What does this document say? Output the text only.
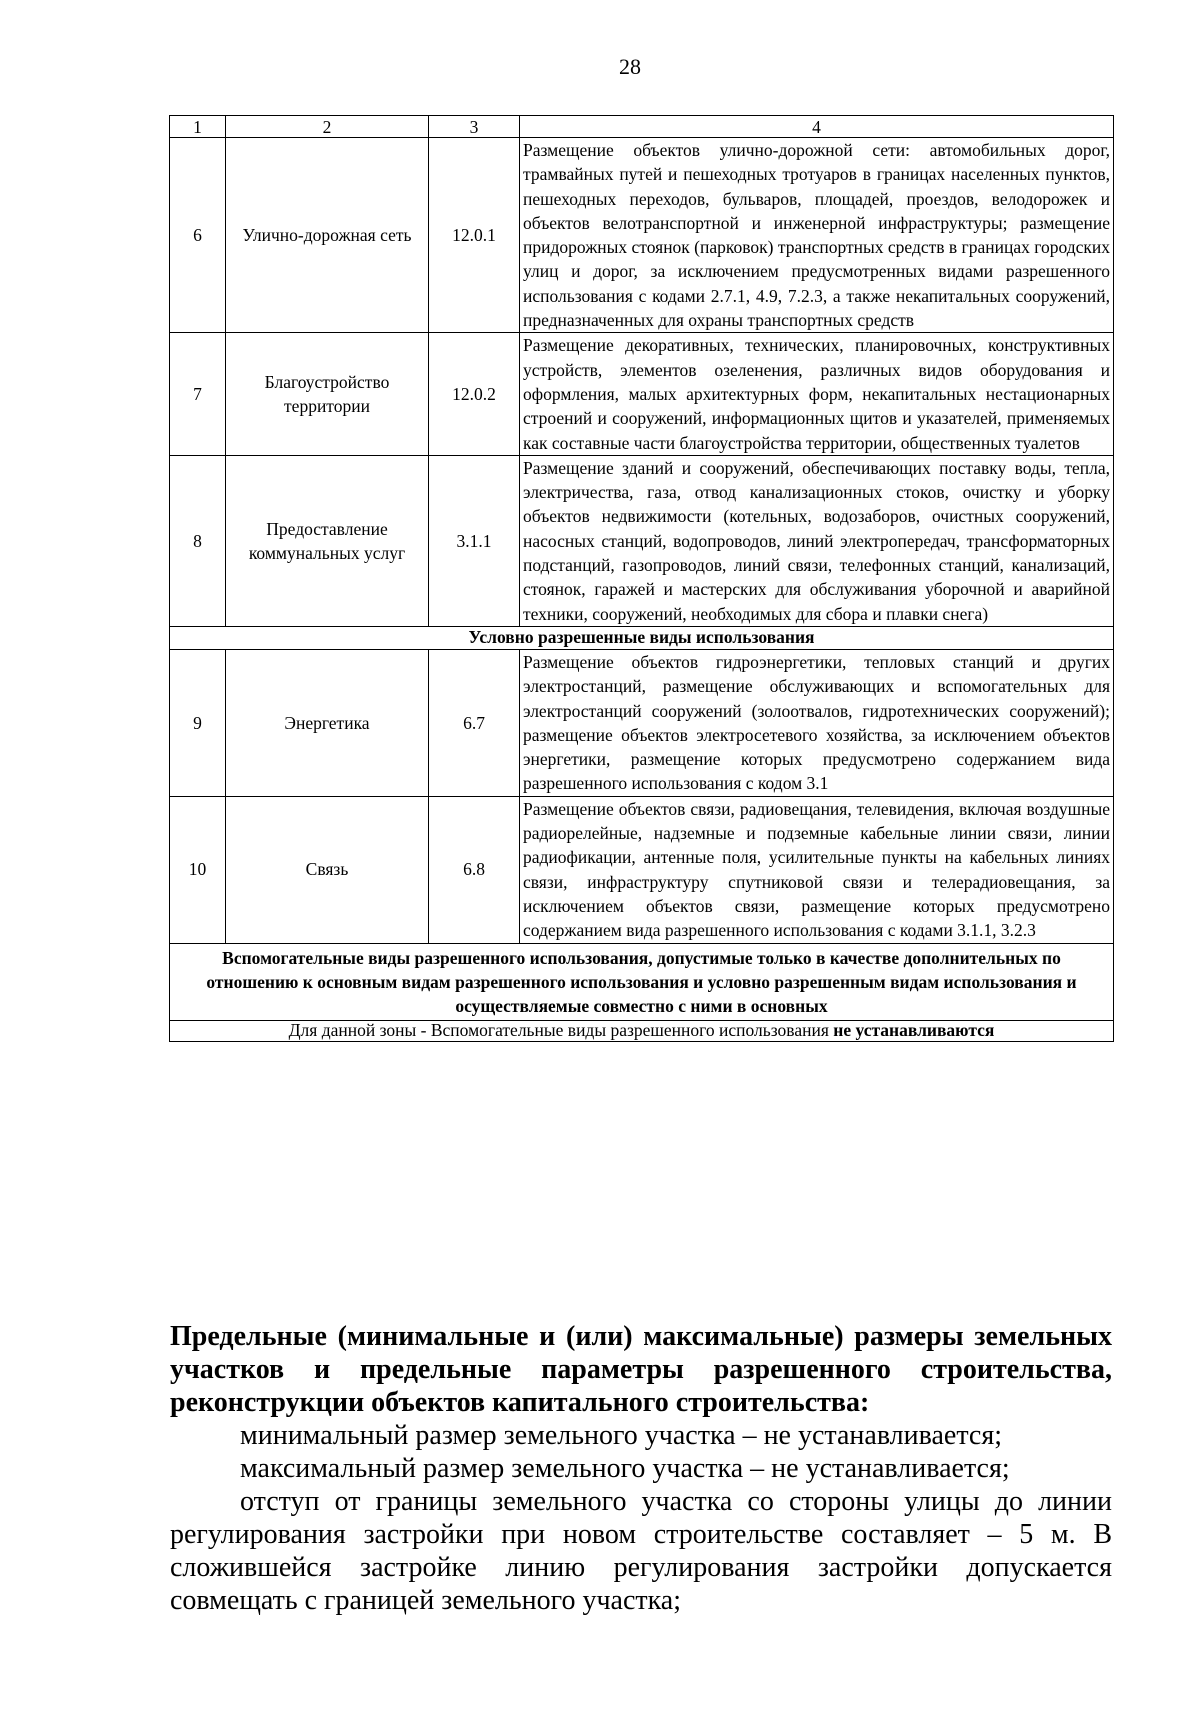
28
1	2	3	4
6	Улично-дорожная сеть	12.0.1	Размещение объектов улично-дорожной сети: автомобильных дорог, трамвайных путей и пешеходных тротуаров в границах населенных пунктов, пешеходных переходов, бульваров, площадей, проездов, велодорожек и объектов велотранспортной и инженерной инфраструктуры; размещение придорожных стоянок (парковок) транспортных средств в границах городских улиц и дорог, за исключением предусмотренных видами разрешенного использования с кодами 2.7.1, 4.9, 7.2.3, а также некапитальных сооружений, предназначенных для охраны транспортных средств
7	Благоустройство территории	12.0.2	Размещение декоративных, технических, планировочных, конструктивных устройств, элементов озеленения, различных видов оборудования и оформления, малых архитектурных форм, некапитальных нестационарных строений и сооружений, информационных щитов и указателей, применяемых как составные части благоустройства территории, общественных туалетов
8	Предоставление коммунальных услуг	3.1.1	Размещение зданий и сооружений, обеспечивающих поставку воды, тепла, электричества, газа, отвод канализационных стоков, очистку и уборку объектов недвижимости (котельных, водозаборов, очистных сооружений, насосных станций, водопроводов, линий электропередач, трансформаторных подстанций, газопроводов, линий связи, телефонных станций, канализаций, стоянок, гаражей и мастерских для обслуживания уборочной и аварийной техники, сооружений, необходимых для сбора и плавки снега)
Условно разрешенные виды использования			
9	Энергетика	6.7	Размещение объектов гидроэнергетики, тепловых станций и других электростанций, размещение обслуживающих и вспомогательных для электростанций сооружений (золоотвалов, гидротехнических сооружений); размещение объектов электросетевого хозяйства, за исключением объектов энергетики, размещение которых предусмотрено содержанием вида разрешенного использования с кодом 3.1
10	Связь	6.8	Размещение объектов связи, радиовещания, телевидения, включая воздушные радиорелейные, надземные и подземные кабельные линии связи, линии радиофикации, антенные поля, усилительные пункты на кабельных линиях связи, инфраструктуру спутниковой связи и телерадиовещания, за исключением объектов связи, размещение которых предусмотрено содержанием вида разрешенного использования с кодами 3.1.1, 3.2.3
Вспомогательные виды разрешенного использования, допустимые только в качестве дополнительных по отношению к основным видам разрешенного использования и условно разрешенным видам использования и осуществляемые совместно с ними в основных			
Для данной зоны - Вспомогательные виды разрешенного использования не устанавливаются			

Предельные (минимальные и (или) максимальные) размеры земельных участков и предельные параметры разрешенного строительства, реконструкции объектов капитального строительства:

минимальный размер земельного участка – не устанавливается;

максимальный размер земельного участка – не устанавливается;

отступ от границы земельного участка со стороны улицы до линии регулирования застройки при новом строительстве составляет – 5 м. В сложившейся застройке линию регулирования застройки допускается совмещать с границей земельного участка;
